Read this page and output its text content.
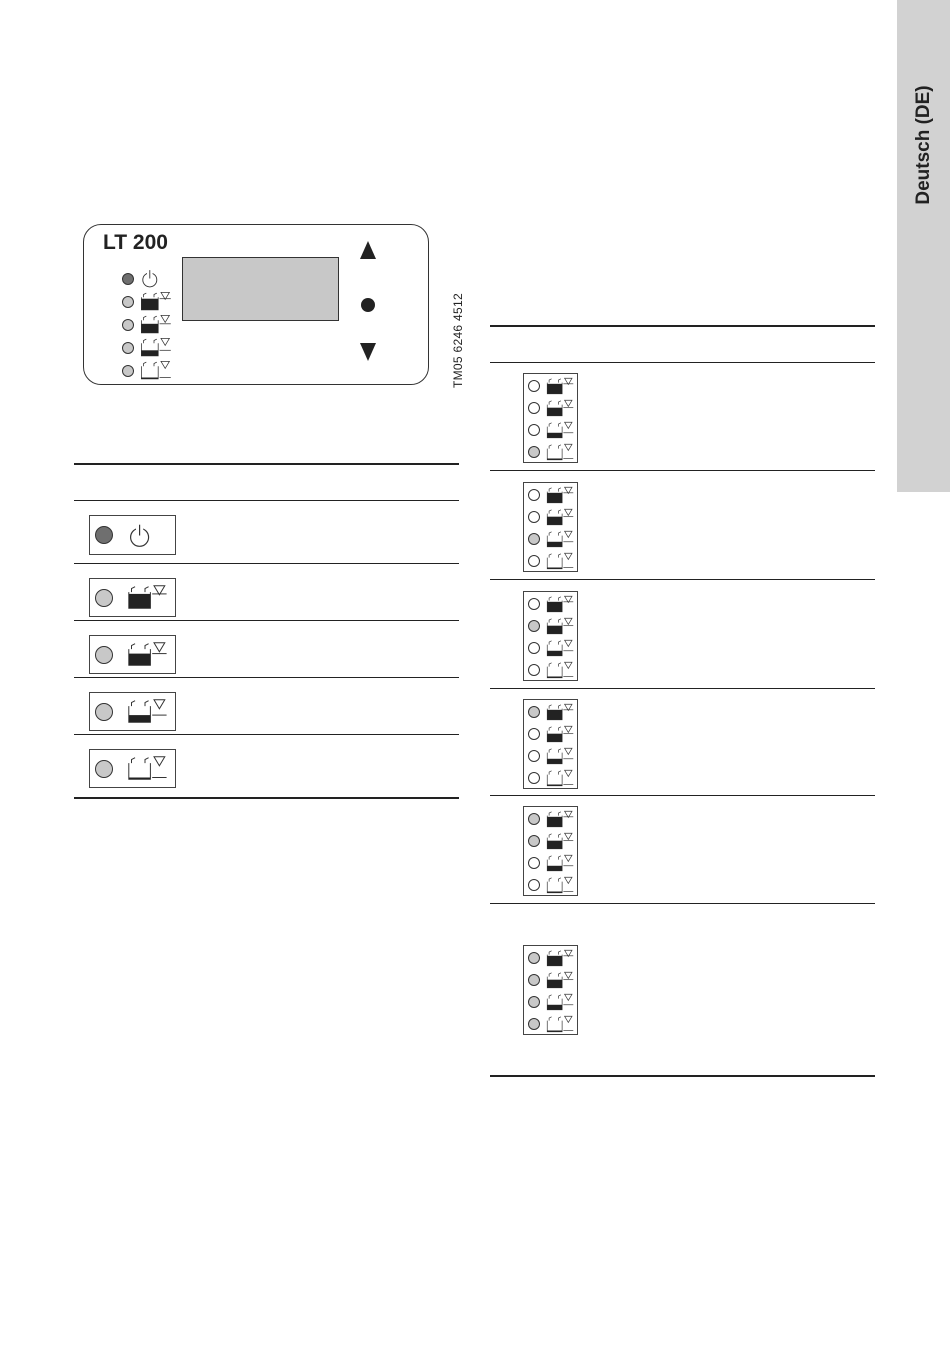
Deutsch (DE)
LT 200
TM05 6246 4512
